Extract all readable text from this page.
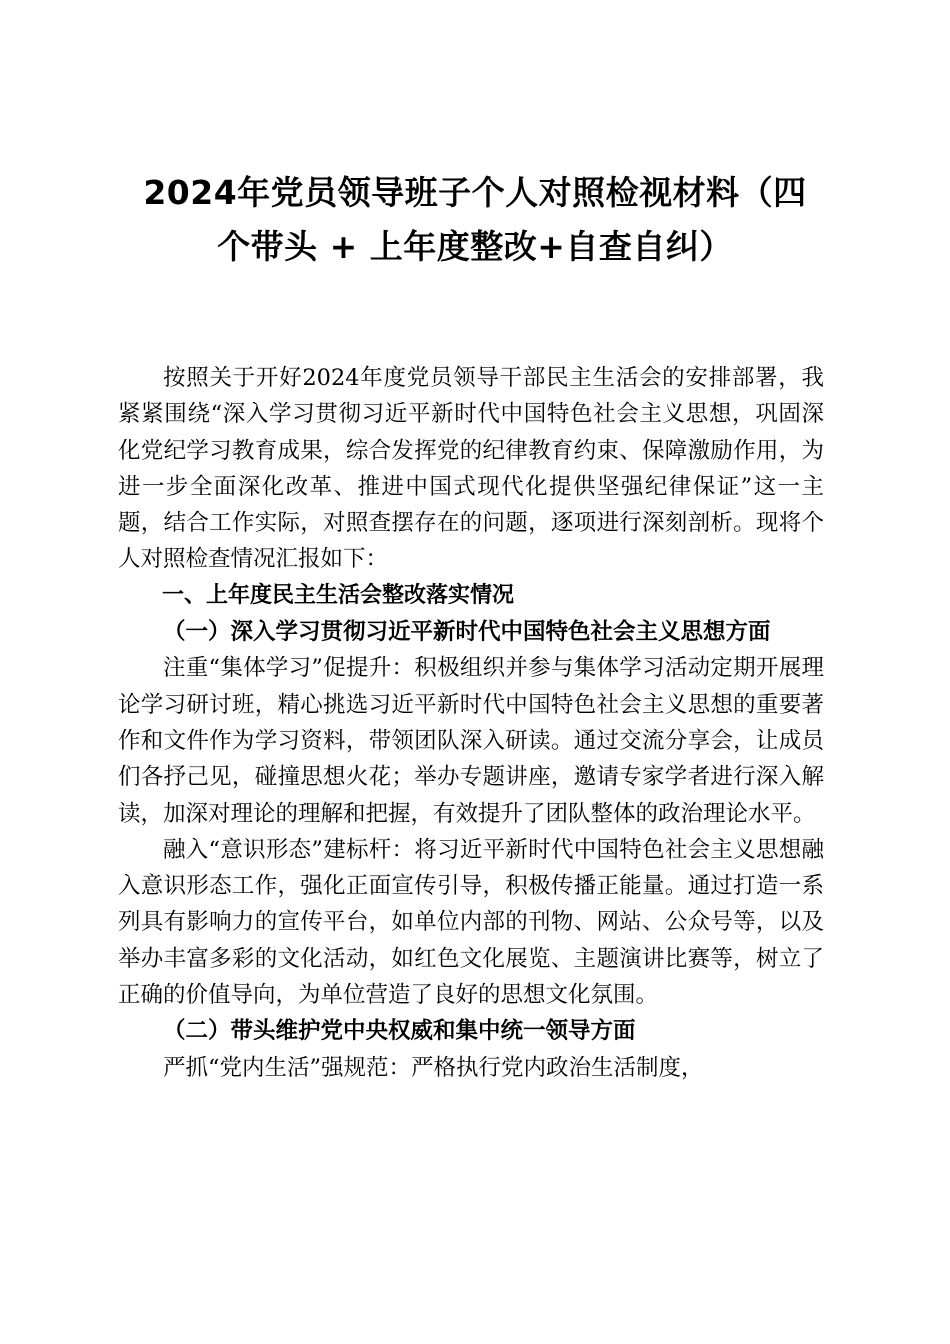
2024年党员领导班子个人对照检视材料（四
个带头 + 上年度整改+自查自纠）

按照关于开好2024年度党员领导干部民主生活会的安排部署，我紧紧围绕“深入学习贯彻习近平新时代中国特色社会主义思想，巩固深化党纪学习教育成果，综合发挥党的纪律教育约束、保障激励作用，为进一步全面深化改革、推进中国式现代化提供坚强纪律保证”这一主题，结合工作实际，对照查摆存在的问题，逐项进行深刻剖析。现将个人对照检查情况汇报如下：

一、上年度民主生活会整改落实情况

（一）深入学习贯彻习近平新时代中国特色社会主义思想方面

注重“集体学习”促提升：积极组织并参与集体学习活动定期开展理论学习研讨班，精心挑选习近平新时代中国特色社会主义思想的重要著作和文件作为学习资料，带领团队深入研读。通过交流分享会，让成员们各抒己见，碰撞思想火花；举办专题讲座，邀请专家学者进行深入解读，加深对理论的理解和把握，有效提升了团队整体的政治理论水平。

融入“意识形态”建标杆：将习近平新时代中国特色社会主义思想融入意识形态工作，强化正面宣传引导，积极传播正能量。通过打造一系列具有影响力的宣传平台，如单位内部的刊物、网站、公众号等，以及举办丰富多彩的文化活动，如红色文化展览、主题演讲比赛等，树立了正确的价值导向，为单位营造了良好的思想文化氛围。

（二）带头维护党中央权威和集中统一领导方面

严抓“党内生活”强规范：严格执行党内政治生活制度，
